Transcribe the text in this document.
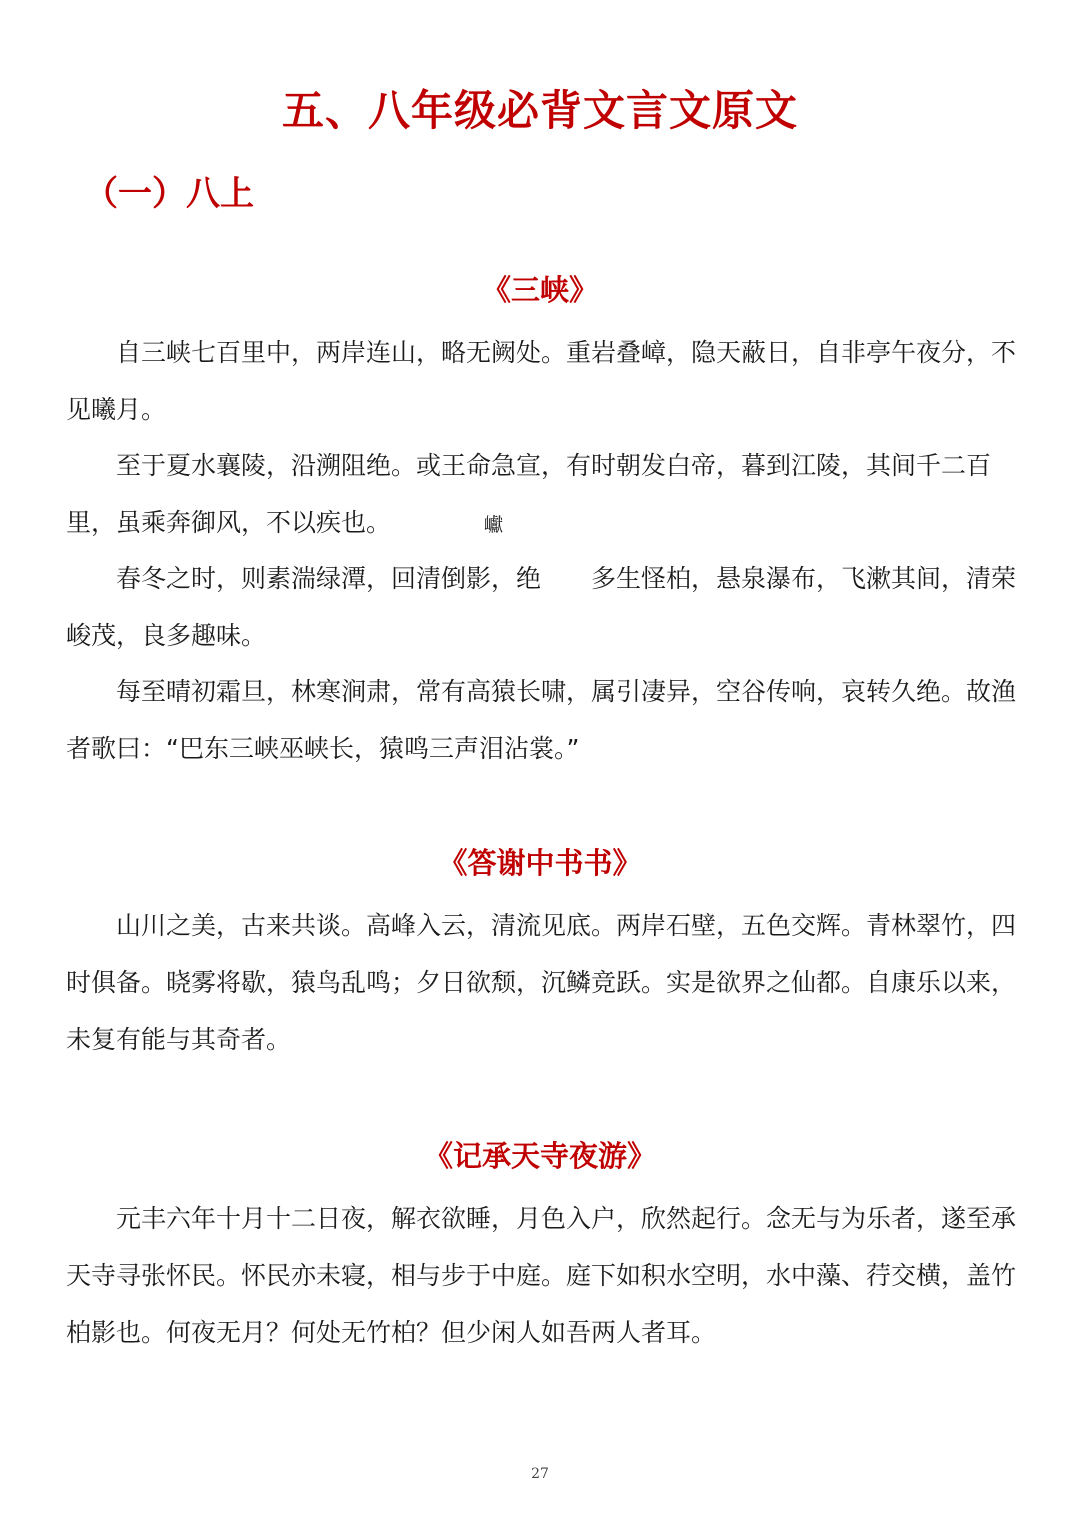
五、八年级必背文言文原文
（一）八上
《三峡》

自三峡七百里中，两岸连山，略无阙处。重岩叠嶂，隐天蔽日，自非亭午夜分，不见曦月。

至于夏水襄陵，沿溯阻绝。或王命急宣，有时朝发白帝，暮到江陵，其间千二百里，虽乘奔御风，不以疾也。	巘

春冬之时，则素湍绿潭，回清倒影，绝　　多生怪柏，悬泉瀑布，飞漱其间，清荣峻茂，良多趣味。

每至晴初霜旦，林寒涧肃，常有高猿长啸，属引凄异，空谷传响，哀转久绝。故渔者歌曰：“巴东三峡巫峡长，猿鸣三声泪沾裳。”

《答谢中书书》

山川之美，古来共谈。高峰入云，清流见底。两岸石壁，五色交辉。青林翠竹，四时俱备。晓雾将歇，猿鸟乱鸣；夕日欲颓，沉鳞竞跃。实是欲界之仙都。自康乐以来，未复有能与其奇者。

《记承天寺夜游》

元丰六年十月十二日夜，解衣欲睡，月色入户，欣然起行。念无与为乐者，遂至承天寺寻张怀民。怀民亦未寝，相与步于中庭。庭下如积水空明，水中藻、荇交横，盖竹柏影也。何夜无月？何处无竹柏？但少闲人如吾两人者耳。

27
